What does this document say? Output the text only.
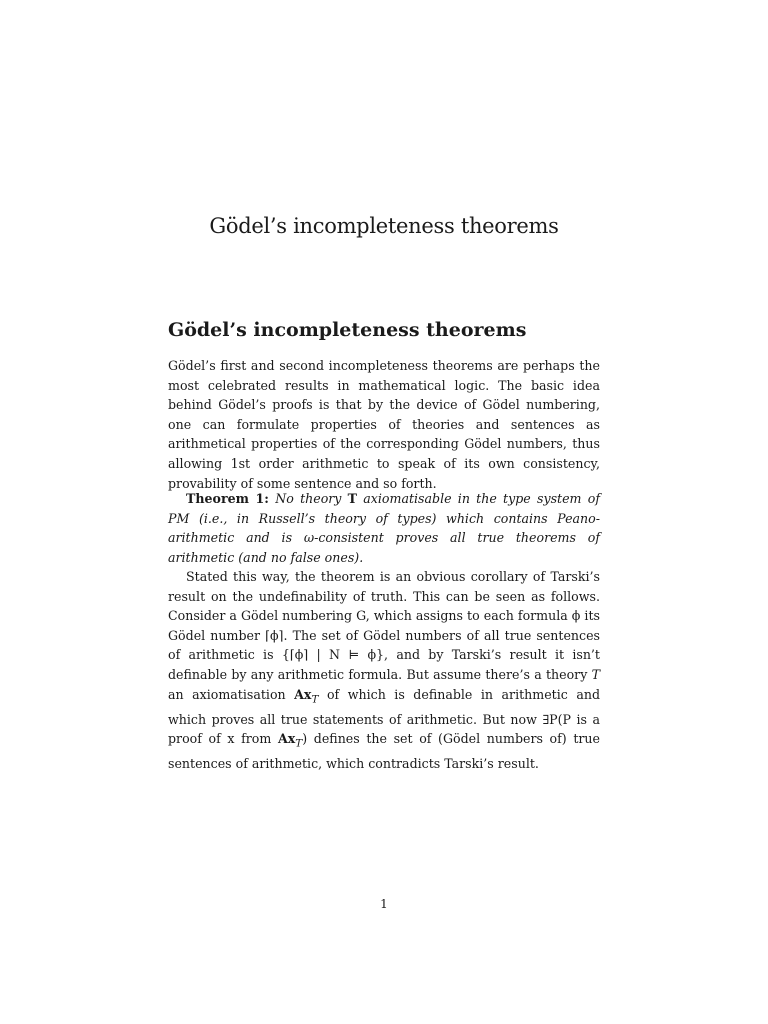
Gödel’s incompleteness theorems
Gödel’s incompleteness theorems

Gödel’s first and second incompleteness theorems are perhaps the most celebrated results in mathematical logic. The basic idea behind Gödel’s proofs is that by the device of Gödel numbering, one can formulate properties of theories and sentences as arithmetical properties of the corresponding Gödel numbers, thus allowing 1st order arithmetic to speak of its own consistency, provability of some sentence and so forth.

Theorem 1: No theory T axiomatisable in the type system of PM (i.e., in Russell’s theory of types) which contains Peano-arithmetic and is ω-consistent proves all true theorems of arithmetic (and no false ones).

Stated this way, the theorem is an obvious corollary of Tarski’s result on the undefinability of truth. This can be seen as follows. Consider a Gödel numbering G, which assigns to each formula ϕ its Gödel number ⌈ϕ⌉. The set of Gödel numbers of all true sentences of arithmetic is {⌈ϕ⌉ | N ⊨ ϕ}, and by Tarski’s result it isn’t definable by any arithmetic formula. But assume there’s a theory T an axiomatisation $Ax_T$ of which is definable in arithmetic and which proves all true statements of arithmetic. But now ∃P(P is a proof of x from $Ax_T$) defines the set of (Gödel numbers of) true sentences of arithmetic, which contradicts Tarski’s result.

1
